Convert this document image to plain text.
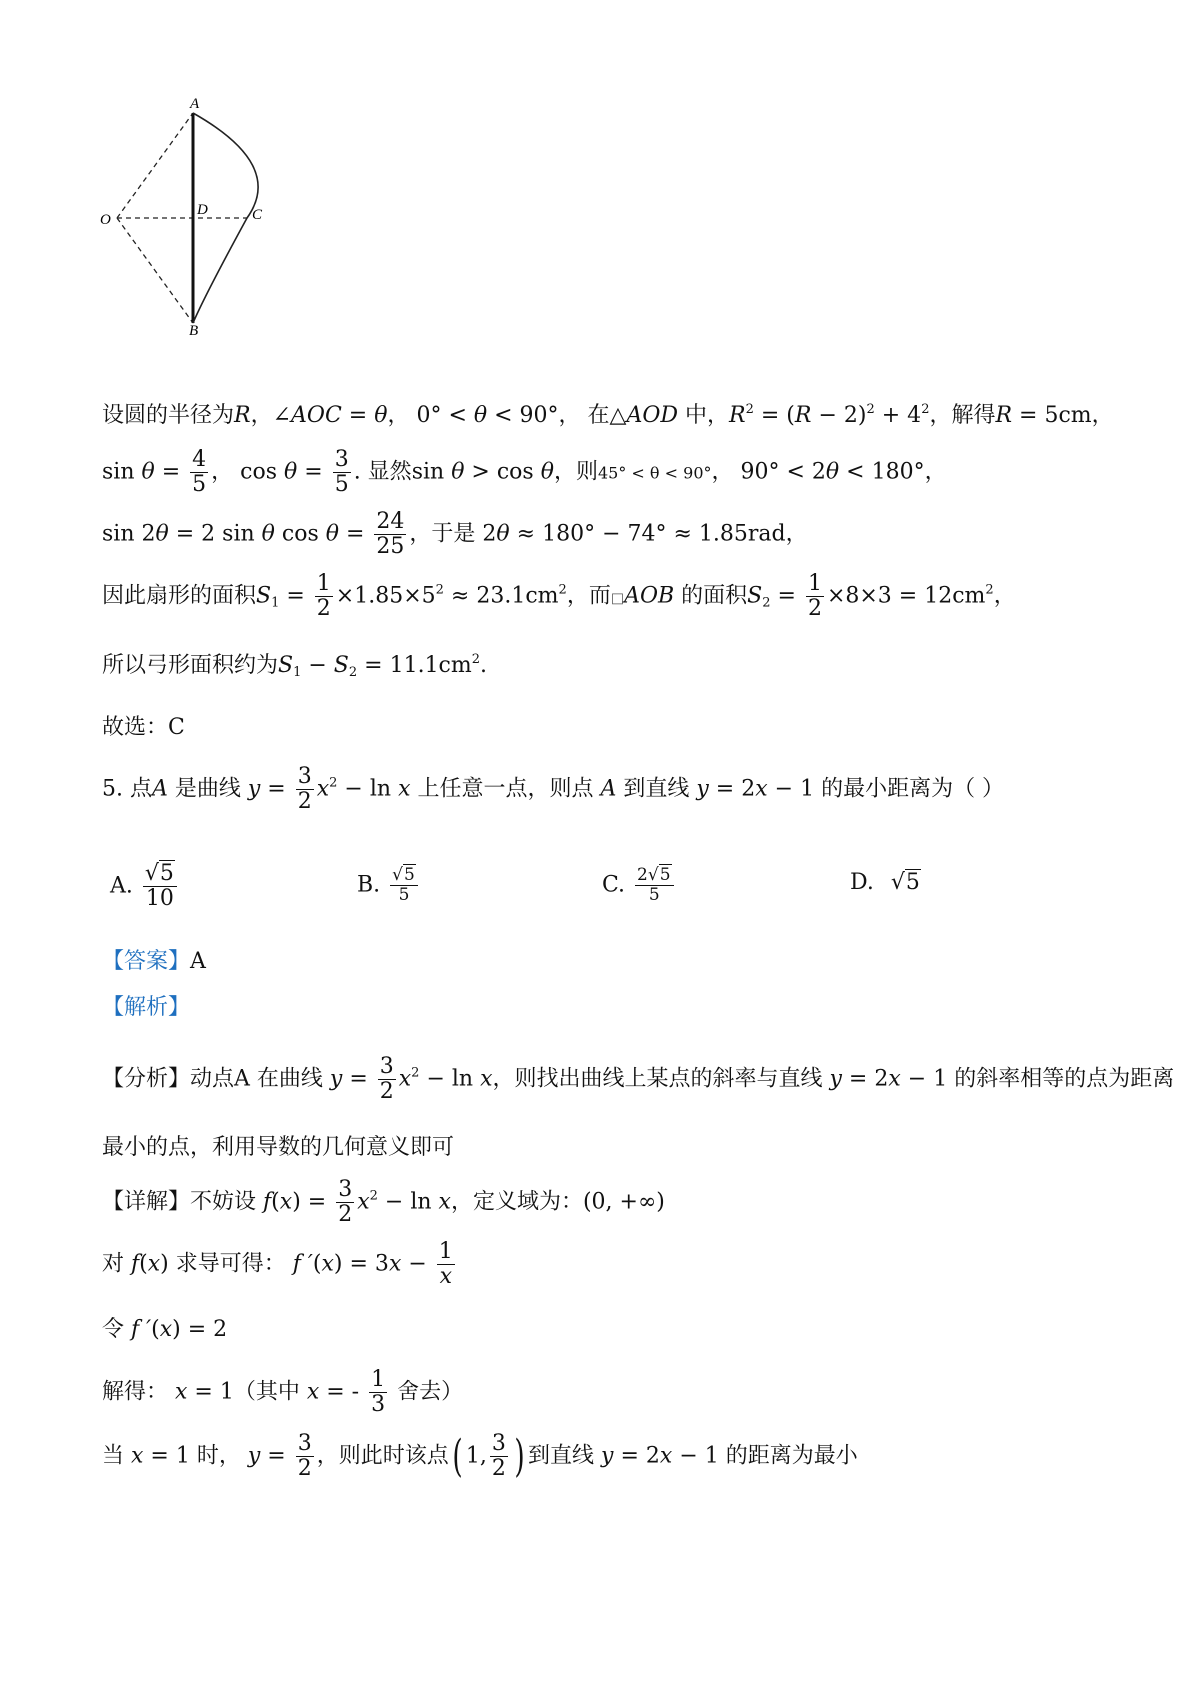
A
B
O	C
D
设圆的半径为R，∠AOC = θ， 0° < θ < 90°， 在△AOD 中，$R^2 = (R - 2)^2 + 4^2$，解得R = 5cm，
$\sin \theta = \frac{4}{5}$ ， $\cos \theta = \frac{3}{5}$ . 显然sin θ > cos θ，则45° < θ < 90°， 90° < 2θ < 180°，
sin 2θ = 2 sin θ $\cos \theta = \frac{24}{25}$ ，于是 2θ ≈ 180° − 74° ≈ 1.85rad，
因此扇形的面积$S_1 = \frac{1}{2} \times 1.85\times 5^2 \approx 23.1cm^2$，而□AOB 的面积$S_2 = \frac{1}{2} \times 8\times 3 = 12cm^2$，
所以弓形面积约为$S_1 - S_2 = 11.1cm^2$.
故选：C
5. 点A 是曲线 $y = \frac{3}{2} x^2 - \ln x$ 上任意一点，则点 A 到直线 y = 2x − 1 的最小距离为（ ）
A. $\frac{√5}{10}$	B. $\frac{√5}{5}$	C. $\frac{2√5}{5}$	D. √5
【答案】A
【解析】
【分析】动点A 在曲线 $y = \frac{3}{2} x^2 - \ln x$，则找出曲线上某点的斜率与直线 y = 2x − 1 的斜率相等的点为距离
最小的点，利用导数的几何意义即可
【详解】不妨设 $f(x) = \frac{3}{2} x^2 - \ln x$，定义域为：(0, +∞)
对 f(x) 求导可得： f $'(x) = 3x - \frac{1}{x}$
令 f ′(x) = 2
解得： x = 1（其中 x = - $\frac{1}{3}$ 舍去）
当 x = 1 时， $y = \frac{3}{2}$ ，则此时该点( 1, $\frac{3}{2}$ ) 到直线 y = 2x − 1 的距离为最小
